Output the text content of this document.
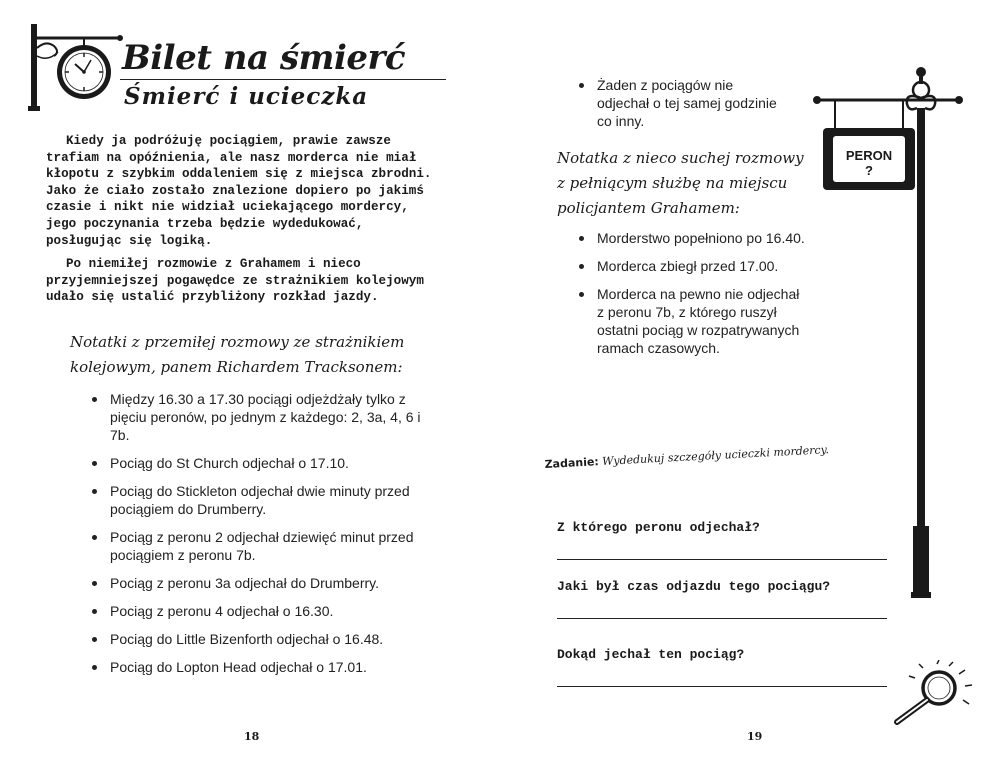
Bilet na śmierć
Śmierć i ucieczka

Kiedy ja podróżuję pociągiem, prawie zawsze trafiam na opóźnienia, ale nasz morderca nie miał kłopotu z szybkim oddaleniem się z miejsca zbrodni. Jako że ciało zostało znalezione dopiero po jakimś czasie i nikt nie widział uciekającego mordercy, jego poczynania trzeba będzie wydedukować, posługując się logiką.

Po niemiłej rozmowie z Grahamem i nieco przyjemniejszej pogawędce ze strażnikiem kolejowym udało się ustalić przybliżony rozkład jazdy.

Notatki z przemiłej rozmowy ze strażnikiem
kolejowym, panem Richardem Tracksonem:
Między 16.30 a 17.30 pociągi odjeżdżały tylko z pięciu peronów, po jednym z każdego: 2, 3a, 4, 6 i 7b.
Pociąg do St Church odjechał o 17.10.
Pociąg do Stickleton odjechał dwie minuty przed pociągiem do Drumberry.
Pociąg z peronu 2 odjechał dziewięć minut przed pociągiem z peronu 7b.
Pociąg z peronu 3a odjechał do Drumberry.
Pociąg z peronu 4 odjechał o 16.30.
Pociąg do Little Bizenforth odjechał o 16.48.
Pociąg do Lopton Head odjechał o 17.01.
18
Żaden z pociągów nie odjechał o tej samej godzinie co inny.
Notatka z nieco suchej rozmowy
z pełniącym służbę na miejscu
policjantem Grahamem:
Morderstwo popełniono po 16.40.
Morderca zbiegł przed 17.00.
Morderca na pewno nie odjechał z peronu 7b, z którego ruszył ostatni pociąg w rozpatrywanych ramach czasowych.
PERON
?
Zadanie: Wydedukuj szczegóły ucieczki mordercy.

Z którego peronu odjechał?

Jaki był czas odjazdu tego pociągu?

Dokąd jechał ten pociąg?

19
